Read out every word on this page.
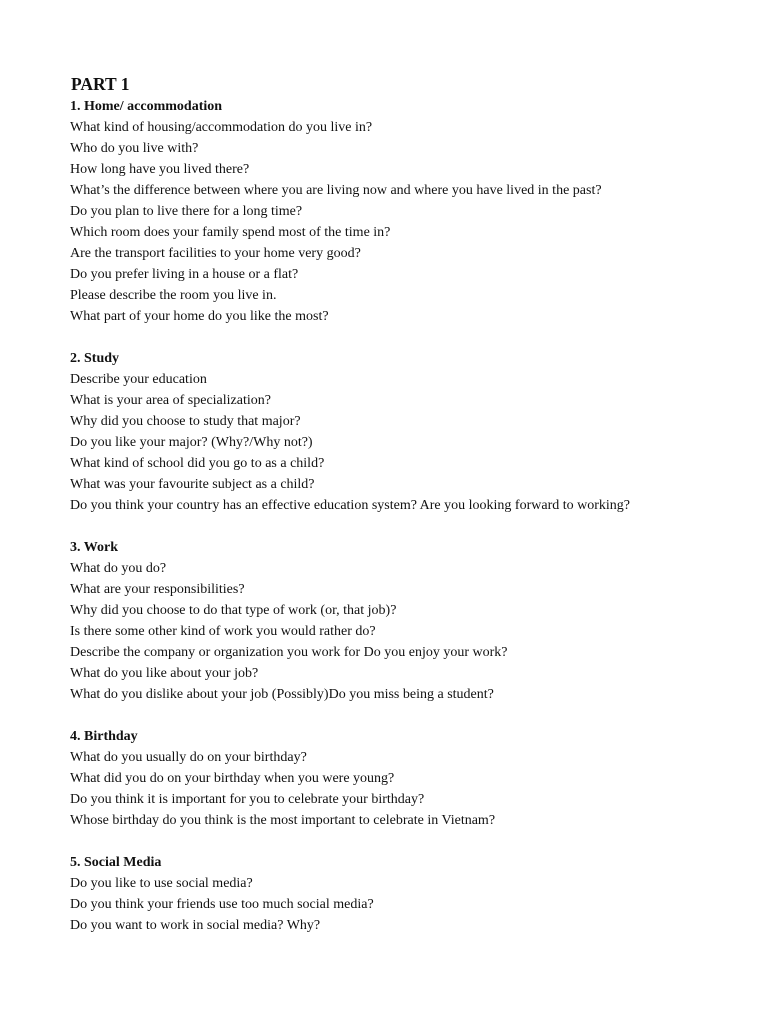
PART 1
1. Home/ accommodation
What kind of housing/accommodation do you live in?
Who do you live with?
How long have you lived there?
What’s the difference between where you are living now and where you have lived in the past?
Do you plan to live there for a long time?
Which room does your family spend most of the time in?
Are the transport facilities to your home very good?
Do you prefer living in a house or a flat?
Please describe the room you live in.
What part of your home do you like the most?
2. Study
Describe your education
What is your area of specialization?
Why did you choose to study that major?
Do you like your major? (Why?/Why not?)
What kind of school did you go to as a child?
What was your favourite subject as a child?
Do you think your country has an effective education system? Are you looking forward to working?
3. Work
What do you do?
What are your responsibilities?
Why did you choose to do that type of work (or, that job)?
Is there some other kind of work you would rather do?
Describe the company or organization you work for Do you enjoy your work?
What do you like about your job?
What do you dislike about your job (Possibly)Do you miss being a student?
4. Birthday
What do you usually do on your birthday?
What did you do on your birthday when you were young?
Do you think it is important for you to celebrate your birthday?
Whose birthday do you think is the most important to celebrate in Vietnam?
5. Social Media
Do you like to use social media?
Do you think your friends use too much social media?
Do you want to work in social media? Why?
